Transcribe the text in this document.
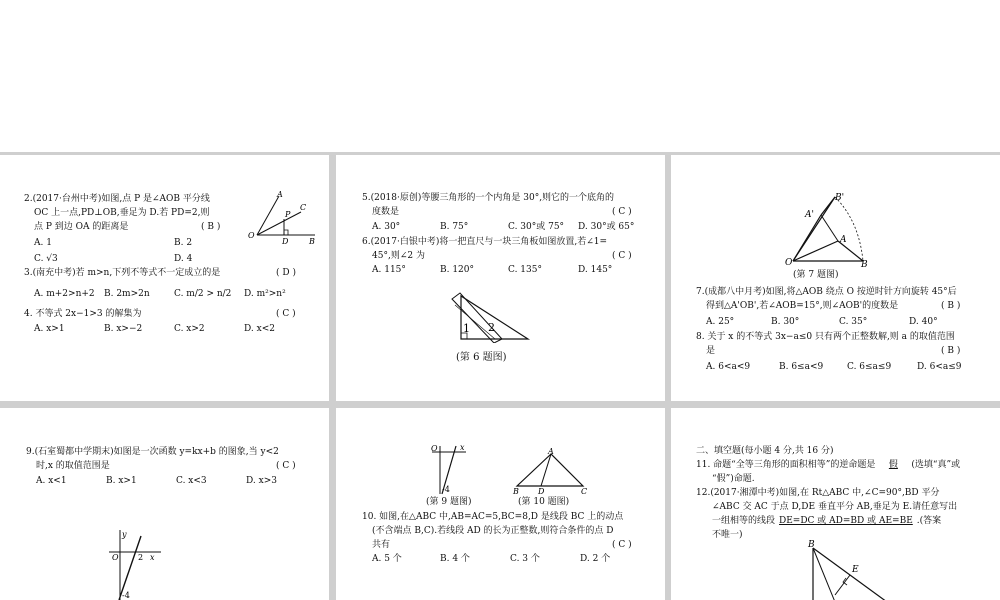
2.(2017·台州中考)如图,点 P 是∠AOB 平分线
OC 上一点,PD⊥OB,垂足为 D.若 PD=2,则
点 P 到边 OA 的距离是	( B )
A. 1	B. 2
C. √3	D. 4
A
C
P
O
D	B
3.(南充中考)若 m>n,下列不等式不一定成立的是	( D )
A. m+2>n+2 B. 2m>2n	C. m/2 > n/2 D. m²>n²
4. 不等式 2x−1>3 的解集为	( C )
A. x>1	B. x>−2	C. x>2	D. x<2
5.(2018·原创)等腰三角形的一个内角是 30°,则它的一个底角的
度数是	( C )
A. 30°	B. 75°	C. 30°或 75° D. 30°或 65°
6.(2017·白银中考)将一把直尺与一块三角板如图放置,若∠1=
45°,则∠2 为	( C )
A. 115°	B. 120°	C. 135°	D. 145°
1 2
(第 6 题图)
A'
B'
A
O	B
(第 7 题图)
7.(成都八中月考)如图,将△AOB 绕点 O 按逆时针方向旋转 45°后
得到△A'OB',若∠AOB=15°,则∠AOB'的度数是	( B )
A. 25°	B. 30°	C. 35°	D. 40°
8. 关于 x 的不等式 3x−a≤0 只有两个正整数解,则 a 的取值范围
是	( B )
A. 6<a<9	B. 6≤a<9	C. 6≤a≤9	D. 6<a≤9
9.(石室蜀都中学期末)如图是一次函数 y=kx+b 的图象,当 y<2
时,x 的取值范围是	( C )
A. x<1	B. x>1	C. x<3	D. x>3
y
O 2 x
-4
O	x
-4
(第 9 题图)
A
B D	C
(第 10 题图)
10. 如图,在△ABC 中,AB=AC=5,BC=8,D 是线段 BC 上的动点
(不含端点 B,C).若线段 AD 的长为正整数,则符合条件的点 D
共有	( C )
A. 5 个	B. 4 个	C. 3 个	D. 2 个
二、填空题(每小题 4 分,共 16 分)
11. 命题“全等三角形的面积相等”的逆命题是 假 (选填“真”或
“假”)命题.
12.(2017·湘潭中考)如图,在 Rt△ABC 中,∠C=90°,BD 平分
∠ABC 交 AC 于点 D,DE 垂直平分 AB,垂足为 E.请任意写出
一组相等的线段 DE=DC 或 AD=BD 或 AE=BE .(答案
不唯一)
B
E
